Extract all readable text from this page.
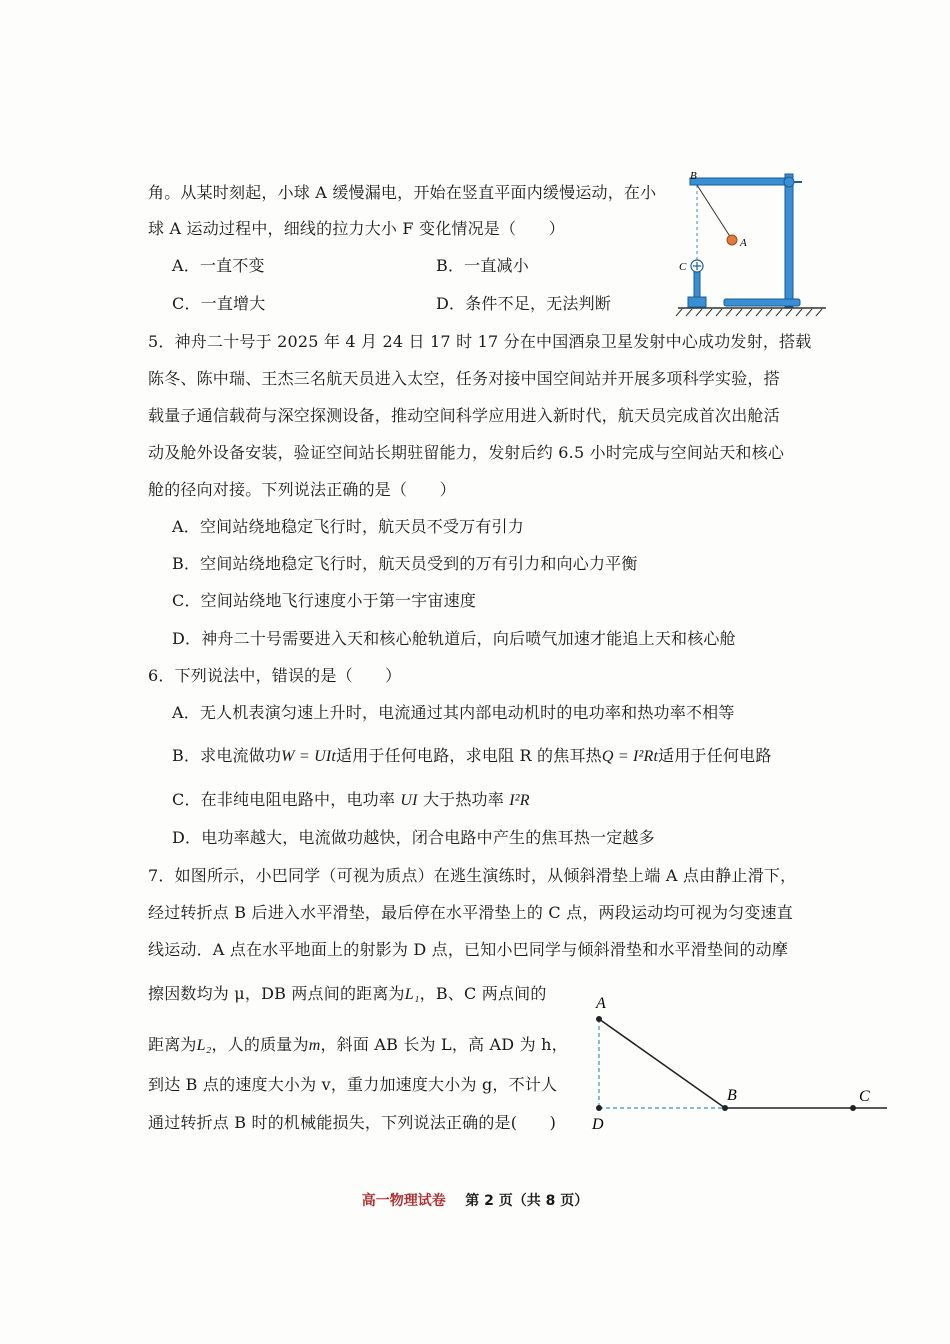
角。从某时刻起，小球 A 缓慢漏电，开始在竖直平面内缓慢运动，在小
球 A 运动过程中，细线的拉力大小 F 变化情况是（　　）
A．一直不变	B．一直减小
C．一直增大	D．条件不足，无法判断
B
A
C
5．神舟二十号于 2025 年 4 月 24 日 17 时 17 分在中国酒泉卫星发射中心成功发射，搭载
陈冬、陈中瑞、王杰三名航天员进入太空，任务对接中国空间站并开展多项科学实验，搭
载量子通信载荷与深空探测设备，推动空间科学应用进入新时代，航天员完成首次出舱活
动及舱外设备安装，验证空间站长期驻留能力，发射后约 6.5 小时完成与空间站天和核心
舱的径向对接。下列说法正确的是（　　）
A．空间站绕地稳定飞行时，航天员不受万有引力
B．空间站绕地稳定飞行时，航天员受到的万有引力和向心力平衡
C．空间站绕地飞行速度小于第一宇宙速度
D．神舟二十号需要进入天和核心舱轨道后，向后喷气加速才能追上天和核心舱
6．下列说法中，错误的是（　　）
A．无人机表演匀速上升时，电流通过其内部电动机时的电功率和热功率不相等
B．求电流做功W = UIt适用于任何电路，求电阻 R 的焦耳热Q = I²Rt适用于任何电路
C．在非纯电阻电路中，电功率 UI 大于热功率 I²R
D．电功率越大，电流做功越快，闭合电路中产生的焦耳热一定越多
7．如图所示，小巴同学（可视为质点）在逃生演练时，从倾斜滑垫上端 A 点由静止滑下，
经过转折点 B 后进入水平滑垫，最后停在水平滑垫上的 C 点，两段运动均可视为匀变速直
线运动．A 点在水平地面上的射影为 D 点，已知小巴同学与倾斜滑垫和水平滑垫间的动摩
擦因数均为 μ，DB 两点间的距离为L₁，B、C 两点间的
距离为L₂，人的质量为m，斜面 AB 长为 L，高 AD 为 h，
到达 B 点的速度大小为 v，重力加速度大小为 g，不计人
通过转折点 B 时的机械能损失，下列说法正确的是(　　)
A
B	C
D
高一物理试卷 第 2 页（共 8 页）
